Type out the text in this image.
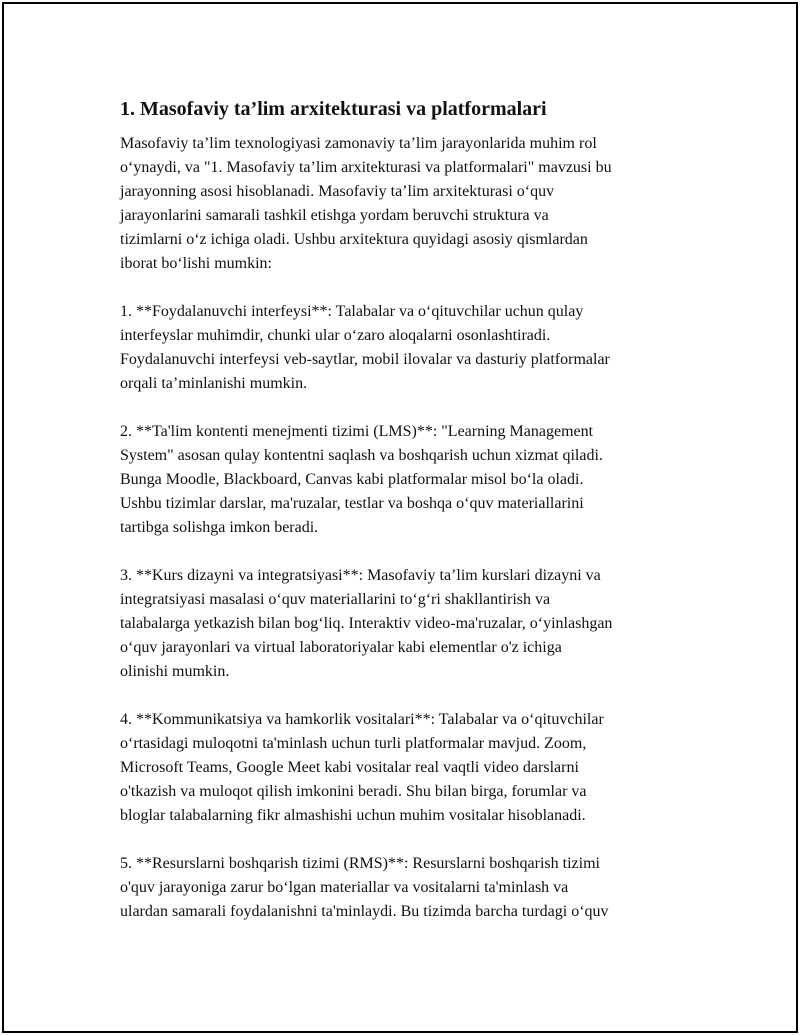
1. Masofaviy ta’lim arxitekturasi va platformalari

Masofaviy ta’lim texnologiyasi zamonaviy ta’lim jarayonlarida muhim rol
o‘ynaydi, va "1. Masofaviy ta’lim arxitekturasi va platformalari" mavzusi bu
jarayonning asosi hisoblanadi. Masofaviy ta’lim arxitekturasi o‘quv
jarayonlarini samarali tashkil etishga yordam beruvchi struktura va
tizimlarni o‘z ichiga oladi. Ushbu arxitektura quyidagi asosiy qismlardan
iborat bo‘lishi mumkin:

1. **Foydalanuvchi interfeysi**: Talabalar va o‘qituvchilar uchun qulay
interfeyslar muhimdir, chunki ular o‘zaro aloqalarni osonlashtiradi.
Foydalanuvchi interfeysi veb-saytlar, mobil ilovalar va dasturiy platformalar
orqali ta’minlanishi mumkin.

2. **Ta'lim kontenti menejmenti tizimi (LMS)**: "Learning Management
System" asosan qulay kontentni saqlash va boshqarish uchun xizmat qiladi.
Bunga Moodle, Blackboard, Canvas kabi platformalar misol bo‘la oladi.
Ushbu tizimlar darslar, ma'ruzalar, testlar va boshqa o‘quv materiallarini
tartibga solishga imkon beradi.

3. **Kurs dizayni va integratsiyasi**: Masofaviy ta’lim kurslari dizayni va
integratsiyasi masalasi o‘quv materiallarini to‘g‘ri shakllantirish va
talabalarga yetkazish bilan bog‘liq. Interaktiv video-ma'ruzalar, o‘yinlashgan
o‘quv jarayonlari va virtual laboratoriyalar kabi elementlar o'z ichiga
olinishi mumkin.

4. **Kommunikatsiya va hamkorlik vositalari**: Talabalar va o‘qituvchilar
o‘rtasidagi muloqotni ta'minlash uchun turli platformalar mavjud. Zoom,
Microsoft Teams, Google Meet kabi vositalar real vaqtli video darslarni
o'tkazish va muloqot qilish imkonini beradi. Shu bilan birga, forumlar va
bloglar talabalarning fikr almashishi uchun muhim vositalar hisoblanadi.

5. **Resurslarni boshqarish tizimi (RMS)**: Resurslarni boshqarish tizimi
o'quv jarayoniga zarur bo‘lgan materiallar va vositalarni ta'minlash va
ulardan samarali foydalanishni ta'minlaydi. Bu tizimda barcha turdagi o‘quv
